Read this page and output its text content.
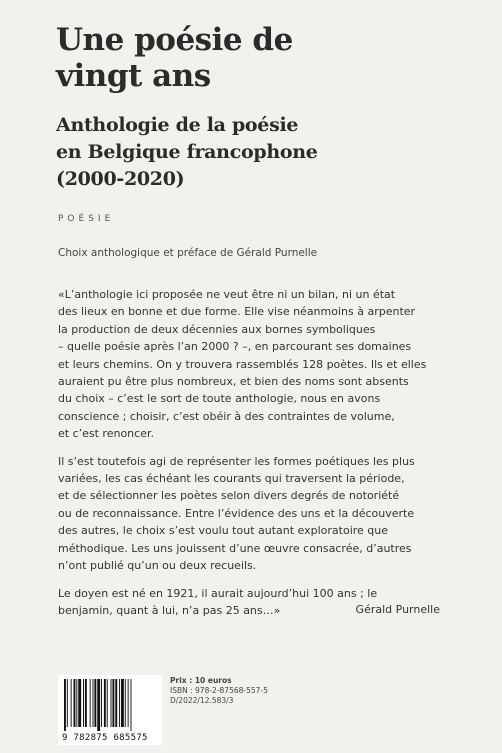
Une poésie de
vingt ans
Anthologie de la poésie
en Belgique francophone
(2000-2020)
POÉSIE
Choix anthologique et préface de Gérald Purnelle

«L’anthologie ici proposée ne veut être ni un bilan, ni un état
des lieux en bonne et due forme. Elle vise néanmoins à arpenter
la production de deux décennies aux bornes symboliques
– quelle poésie après l’an 2000 ? –, en parcourant ses domaines
et leurs chemins. On y trouvera rassemblés 128 poètes. Ils et elles
auraient pu être plus nombreux, et bien des noms sont absents
du choix – c’est le sort de toute anthologie, nous en avons
conscience ; choisir, c’est obéir à des contraintes de volume,
et c’est renoncer.

Il s’est toutefois agi de représenter les formes poétiques les plus
variées, les cas échéant les courants qui traversent la période,
et de sélectionner les poètes selon divers degrés de notoriété
ou de reconnaissance. Entre l’évidence des uns et la découverte
des autres, le choix s’est voulu tout autant exploratoire que
méthodique. Les uns jouissent d’une œuvre consacrée, d’autres
n’ont publié qu’un ou deux recueils.

Le doyen est né en 1921, il aurait aujourd’hui 100 ans ; le
benjamin, quant à lui, n’a pas 25 ans…»	Gérald Purnelle
9 782875 685575
Prix : 10 euros
ISBN : 978-2-87568-557-5
D/2022/12.583/3
